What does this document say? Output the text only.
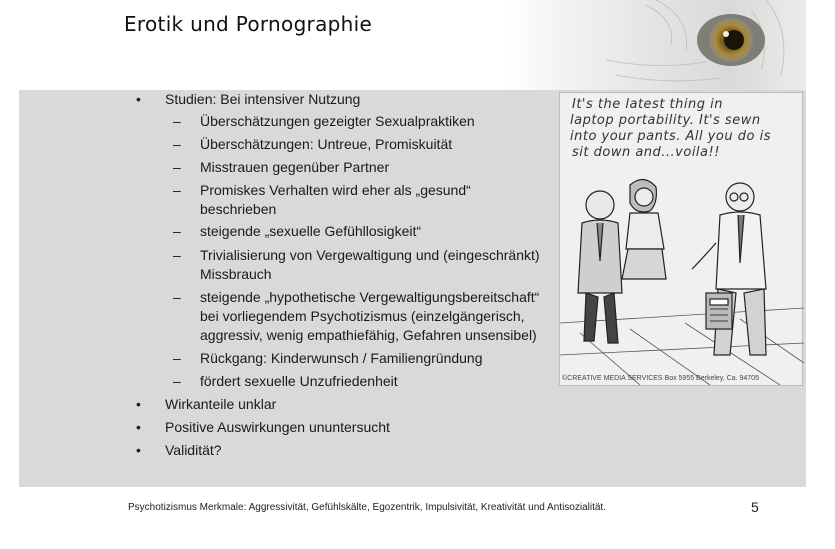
Erotik und Pornographie
• Studien: Bei intensiver Nutzung
– Überschätzungen gezeigter Sexualpraktiken
– Überschätzungen: Untreue, Promiskuität
– Misstrauen gegenüber Partner
– Promiskes Verhalten wird eher als „gesund“
beschrieben
– steigende „sexuelle Gefühllosigkeit“
– Trivialisierung von Vergewaltigung und (eingeschränkt)
Missbrauch
– steigende „hypothetische Vergewaltigungsbereitschaft“
bei vorliegendem Psychotizismus (einzelgängerisch,
aggressiv, wenig empathiefähig, Gefahren unsensibel)
– Rückgang: Kinderwunsch / Familiengründung
– fördert sexuelle Unzufriedenheit
• Wirkanteile unklar
• Positive Auswirkungen ununtersucht
• Validität?
It's the latest thing in
laptop portability. It's sewn
into your pants. All you do is
sit down and...voila!!
©CREATIVE MEDIA SERVICES Box 5955 Berkeley, Ca. 94705
Psychotizismus Merkmale: Aggressivität, Gefühlskälte, Egozentrik, Impulsivität, Kreativität und Antisozialität.	5
